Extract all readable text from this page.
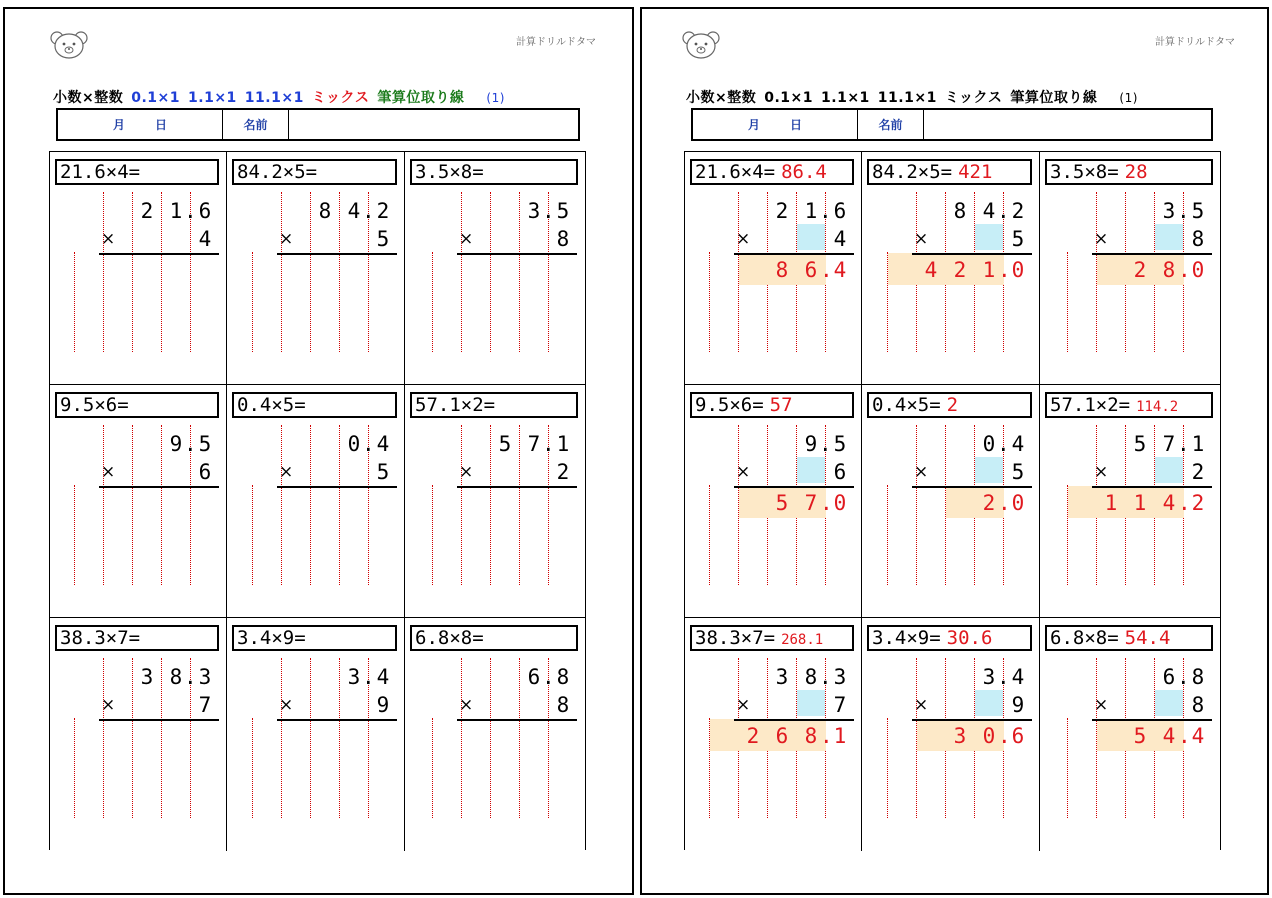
計算ドリルドタマ
小数×整数 0.1×1 1.1×1 11.1×1 ミックス 筆算位取り線 (1)
月	日	名前
21.6×4=
2 1 6
.
×	4
84.2×5=
8 4 2
.
×	5
3.5×8=
3 5
.
×	8
9.5×6=
9 5
.
×	6
0.4×5=
0 4
.
×	5
57.1×2=
5 7 1
.
×	2
38.3×7=
3 8 3
.
×	7
3.4×9=
3 4
.
×	9
6.8×8=
6 8
.
×	8
計算ドリルドタマ
小数×整数 0.1×1 1.1×1 11.1×1 ミックス 筆算位取り線 (1)
月	日	名前
21.6×4= 86.4
2 1 6
.
×	4
8 6 4
.
84.2×5= 421
8 4 2
.
×	5
4 2 1 0
.
3.5×8= 28
3 5
.
×	8
2 8 0
.
9.5×6= 57
9 5
.
×	6
5 7 0
.
0.4×5= 2
0 4
.
×	5
2 0
.
57.1×2= 114.2
5 7 1
.
×	2
1 1 4 2
.
38.3×7= 268.1
3 8 3
.
×	7
2 6 8 1
.
3.4×9= 30.6
3 4
.
×	9
3 0 6
.
6.8×8= 54.4
6 8
.
×	8
5 4 4
.
